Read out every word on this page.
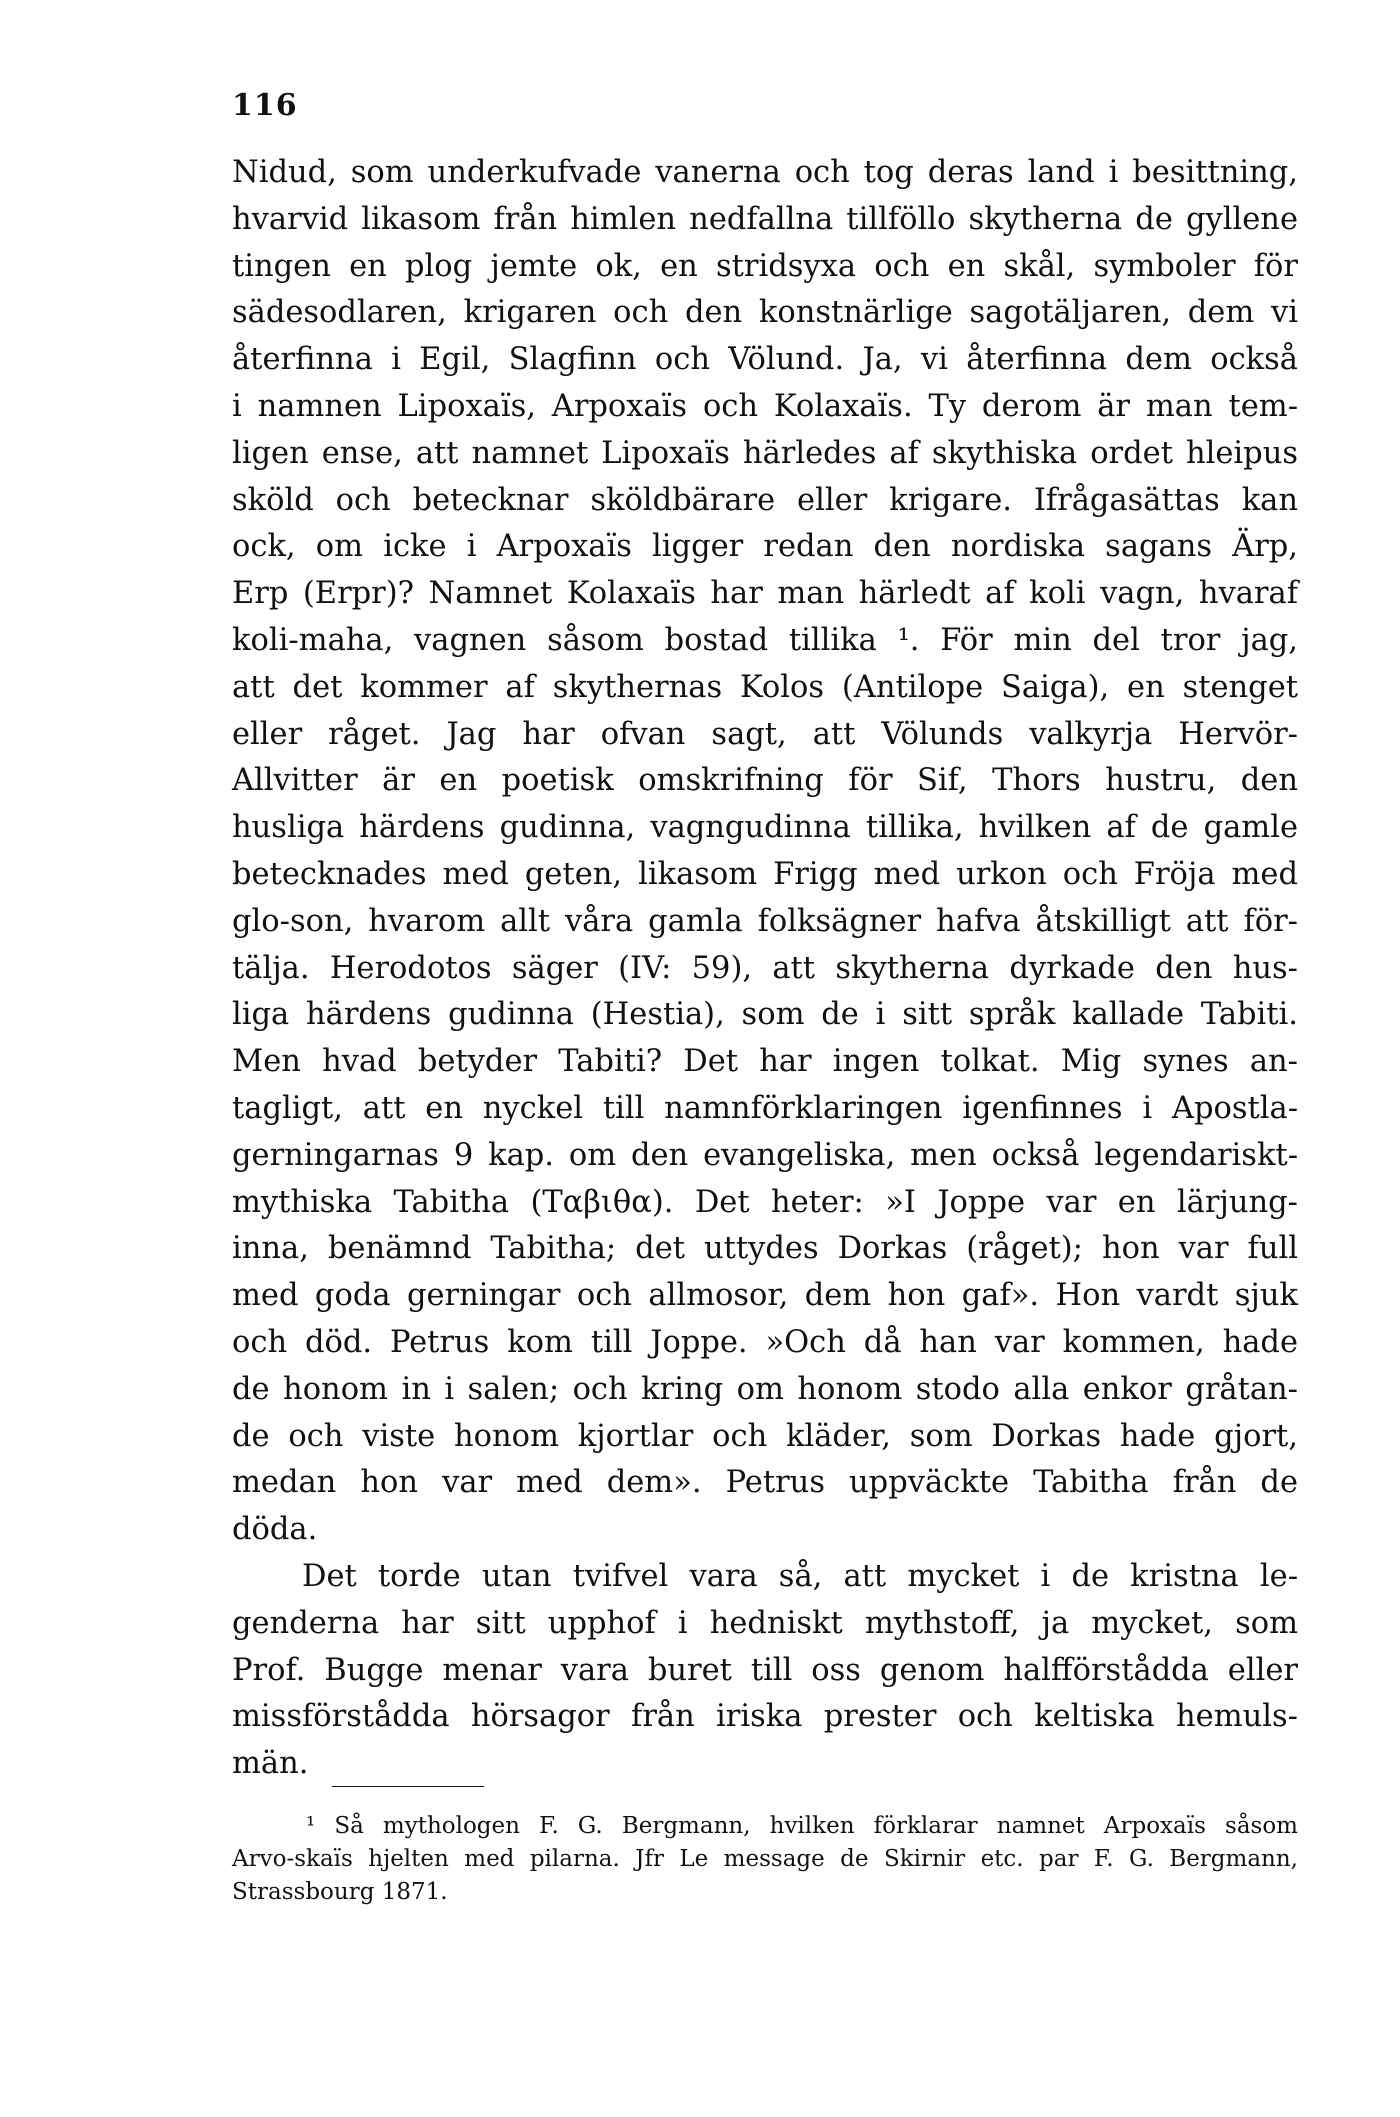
116
Nidud, som underkufvade vanerna och tog deras land i besittning,
hvarvid likasom från himlen nedfallna tillföllo skytherna de gyllene
tingen en plog jemte ok, en stridsyxa och en skål, symboler för
sädesodlaren, krigaren och den konstnärlige sagotäljaren, dem vi
återfinna i Egil, Slagfinn och Völund. Ja, vi återfinna dem också
i namnen Lipoxaïs, Arpoxaïs och Kolaxaïs. Ty derom är man tem-
ligen ense, att namnet Lipoxaïs härledes af skythiska ordet hleipus
sköld och betecknar sköldbärare eller krigare. Ifrågasättas kan
ock, om icke i Arpoxaïs ligger redan den nordiska sagans Ärp,
Erp (Erpr)? Namnet Kolaxaïs har man härledt af koli vagn, hvaraf
koli-maha, vagnen såsom bostad tillika ¹. För min del tror jag,
att det kommer af skythernas Kolos (Antilope Saiga), en stenget
eller råget. Jag har ofvan sagt, att Völunds valkyrja Hervör-
Allvitter är en poetisk omskrifning för Sif, Thors hustru, den
husliga härdens gudinna, vagngudinna tillika, hvilken af de gamle
betecknades med geten, likasom Frigg med urkon och Fröja med
glo-son, hvarom allt våra gamla folksägner hafva åtskilligt att för-
tälja. Herodotos säger (IV: 59), att skytherna dyrkade den hus-
liga härdens gudinna (Hestia), som de i sitt språk kallade Tabiti.
Men hvad betyder Tabiti? Det har ingen tolkat. Mig synes an-
tagligt, att en nyckel till namnförklaringen igenfinnes i Apostla-
gerningarnas 9 kap. om den evangeliska, men också legendariskt-
mythiska Tabitha (Ταβιθα). Det heter: »I Joppe var en lärjung-
inna, benämnd Tabitha; det uttydes Dorkas (råget); hon var full
med goda gerningar och allmosor, dem hon gaf». Hon vardt sjuk
och död. Petrus kom till Joppe. »Och då han var kommen, hade
de honom in i salen; och kring om honom stodo alla enkor gråtan-
de och viste honom kjortlar och kläder, som Dorkas hade gjort,
medan hon var med dem». Petrus uppväckte Tabitha från de
döda.
Det torde utan tvifvel vara så, att mycket i de kristna le-
genderna har sitt upphof i hedniskt mythstoff, ja mycket, som
Prof. Bugge menar vara buret till oss genom halfförstådda eller
missförstådda hörsagor från iriska prester och keltiska hemuls-
män.
¹ Så mythologen F. G. Bergmann, hvilken förklarar namnet Arpoxaïs såsom
Arvo-skaïs hjelten med pilarna. Jfr Le message de Skirnir etc. par F. G. Bergmann,
Strassbourg 1871.
